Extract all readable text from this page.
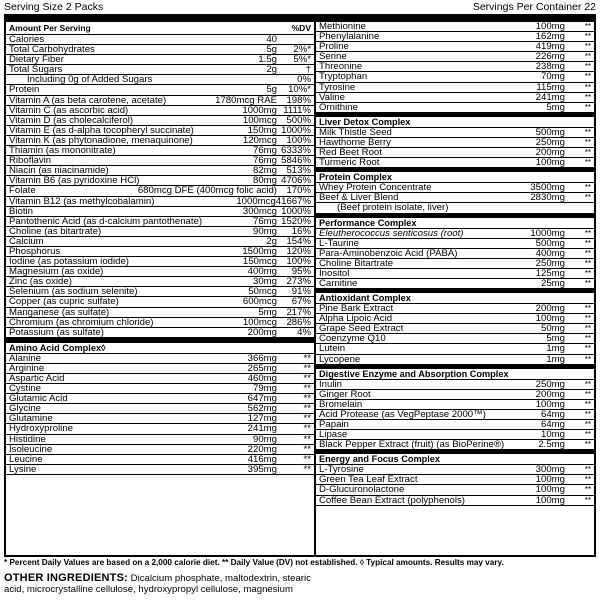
Serving Size 2 Packs	Servings Per Container 22
Amount Per Serving	%DV
Calories	40
Total Carbohydrates	5g	2%*
Dietary Fiber	1.5g	5%*
Total Sugars	2g	†
Including 0g of Added Sugars	0%
Protein	5g	10%*
Vitamin A (as beta carotene, acetate)	1780mcg RAE 198%
Vitamin C (as ascorbic acid)	1000mg 1111%
Vitamin D (as cholecalciferol)	100mcg 500%
Vitamin E (as d-alpha tocopheryl succinate)	150mg 1000%
Vitamin K (as phytonadione, menaquinone)	120mcg 100%
Thiamin (as mononitrate)	76mg 6333%
Riboflavin	76mg 5846%
Niacin (as niacinamide)	82mg 513%
Vitamin B6 (as pyridoxine HCl)	80mg 4706%
Folate	680mcg DFE (400mcg folic acid) 170%
Vitamin B12 (as methylcobalamin)	1000mcg 41667%
Biotin	300mcg 1000%
Pantothenic Acid (as d-calcium pantothenate)	76mg 1520%
Choline (as bitartrate)	90mg	16%
Calcium	2g 154%
Phosphorus	1500mg 120%
Iodine (as potassium iodide)	150mcg 100%
Magnesium (as oxide)	400mg	95%
Zinc (as oxide)	30mg 273%
Selenium (as sodium selenite)	50mcg	91%
Copper (as cupric sulfate)	600mcg	67%
Manganese (as sulfate)	5mg 217%
Chromium (as chromium chloride)	100mcg 286%
Potassium (as sulfate)	200mg	4%
Amino Acid Complex◊
Alanine	366mg	**
Arginine	265mg	**
Aspartic Acid	460mg	**
Cystine	79mg	**
Glutamic Acid	647mg	**
Glycine	562mg	**
Glutamine	127mg	**
Hydroxyproline	241mg	**
Histidine	90mg	**
Isoleucine	220mg	**
Leucine	416mg	**
Lysine	395mg	**
Methionine	100mg	**
Phenylalanine	162mg	**
Proline	419mg	**
Serine	226mg	**
Threonine	238mg	**
Tryptophan	70mg	**
Tyrosine	115mg	**
Valine	241mg	**
Ornithine	5mg	**
Liver Detox Complex
Milk Thistle Seed	500mg	**
Hawthorne Berry	250mg	**
Red Beet Root	200mg	**
Turmeric Root	100mg	**
Protein Complex
Whey Protein Concentrate	3500mg	**
Beef & Liver Blend	2830mg	**
(Beef protein isolate, liver)
Performance Complex
Eleutherococcus senticosus (root)	1000mg	**
L-Taurine	500mg	**
Para-Aminobenzoic Acid (PABA)	400mg	**
Choline Bitartrate	250mg	**
Inositol	125mg	**
Carnitine	25mg	**
Antioxidant Complex
Pine Bark Extract	200mg	**
Alpha Lipoic Acid	100mg	**
Grape Seed Extract	50mg	**
Coenzyme Q10	5mg	**
Lutein	1mg	**
Lycopene	1mg	**
Digestive Enzyme and Absorption Complex
Inulin	250mg	**
Ginger Root	200mg	**
Bromelain	100mg	**
Acid Protease (as VegPeptase 2000™)	64mg	**
Papain	64mg	**
Lipase	10mg	**
Black Pepper Extract (fruit) (as BioPerine®)	2.5mg	**
Energy and Focus Complex
L-Tyrosine	300mg	**
Green Tea Leaf Extract	100mg	**
D-Glucuronolactone	100mg	**
Coffee Bean Extract (polyphenols)	100mg	**
* Percent Daily Values are based on a 2,000 calorie diet. ** Daily Value (DV) not established. ◊ Typical amounts. Results may vary.
OTHER INGREDIENTS: Dicalcium phosphate, maltodextrin, stearic
acid, microcrystalline cellulose, hydroxypropyl cellulose, magnesium
